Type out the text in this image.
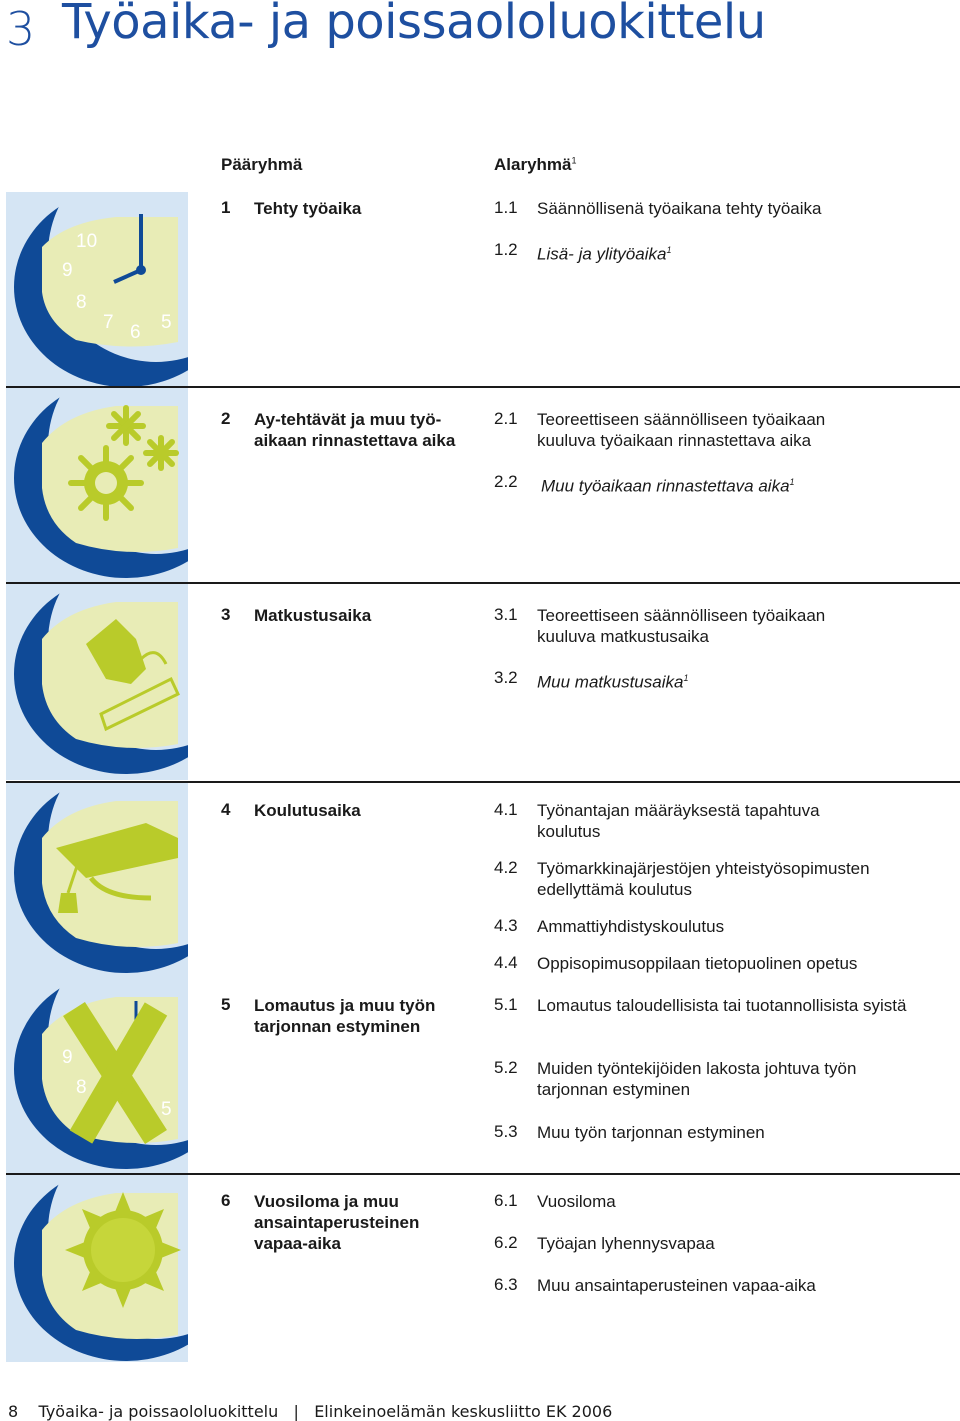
3 Työaika- ja poissaololuokittelu
Pääryhmä	Alaryhmä$^1$
10
9
8
7 6 5
9
8
5
1 Tehty työaika
2 Ay-tehtävät ja muu työ-
aikaan rinnastettava aika
3 Matkustusaika
4 Koulutusaika
5 Lomautus ja muu työn
tarjonnan estyminen
6 Vuosiloma ja muu
ansaintaperusteinen
vapaa-aika
1.1 Säännöllisenä työaikana tehty työaika
1.2 Lisä- ja ylityöaika$^1$
2.1 Teoreettiseen säännölliseen työaikaan
kuuluva työaikaan rinnastettava aika
2.2 Muu työaikaan rinnastettava aika$^1$
3.1 Teoreettiseen säännölliseen työaikaan
kuuluva matkustusaika
3.2 Muu matkustusaika$^1$
4.1 Työnantajan määräyksestä tapahtuva
koulutus
4.2 Työmarkkinajärjestöjen yhteistyösopimusten
edellyttämä koulutus
4.3 Ammattiyhdistyskoulutus
4.4 Oppisopimusoppilaan tietopuolinen opetus
5.1 Lomautus taloudellisista tai tuotannollisista syistä
5.2 Muiden työntekijöiden lakosta johtuva työn
tarjonnan estyminen
5.3 Muu työn tarjonnan estyminen
6.1 Vuosiloma
6.2 Työajan lyhennysvapaa
6.3 Muu ansaintaperusteinen vapaa-aika
8 Työaika- ja poissaololuokittelu | Elinkeinoelämän keskusliitto EK 2006
